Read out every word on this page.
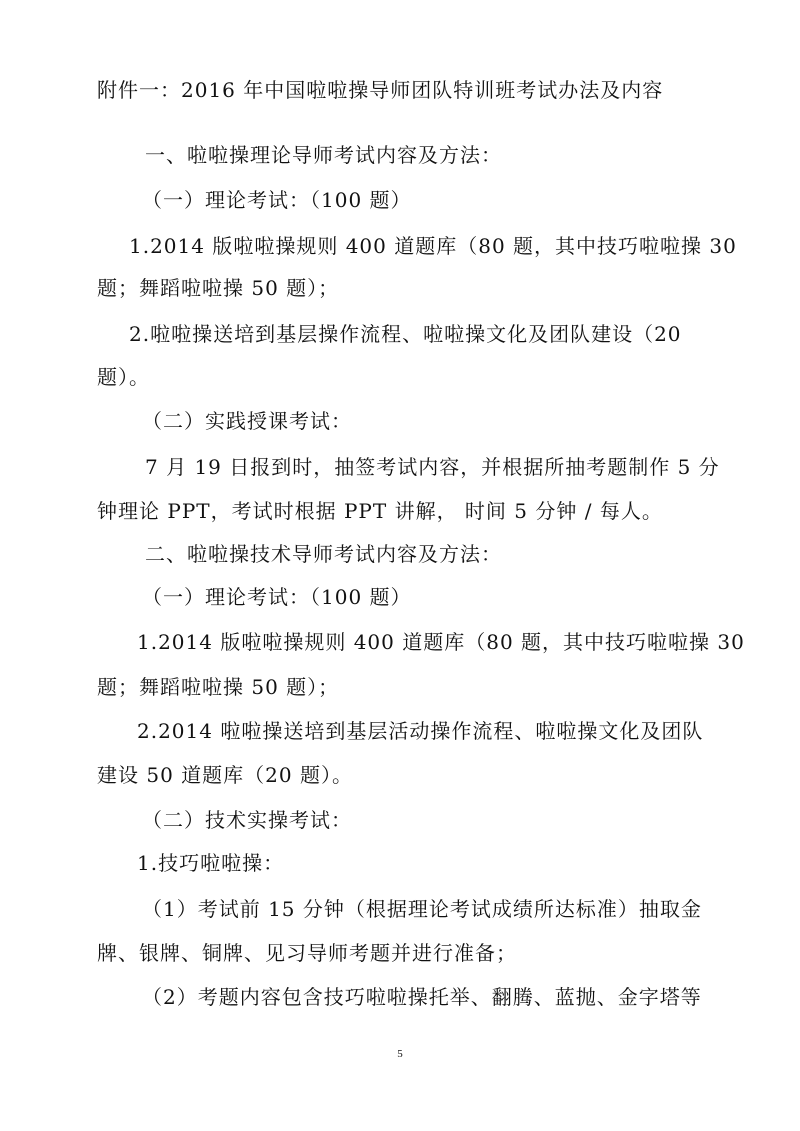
附件一：2016 年中国啦啦操导师团队特训班考试办法及内容
一、啦啦操理论导师考试内容及方法：
（一）理论考试：（100 题）
1.2014 版啦啦操规则 400 道题库（80 题，其中技巧啦啦操 30
题；舞蹈啦啦操 50 题）；
2.啦啦操送培到基层操作流程、啦啦操文化及团队建设（20
题）。
（二）实践授课考试：
7 月 19 日报到时，抽签考试内容，并根据所抽考题制作 5 分
钟理论 PPT，考试时根据 PPT 讲解， 时间 5 分钟 / 每人。
二、啦啦操技术导师考试内容及方法：
（一）理论考试：（100 题）
1.2014 版啦啦操规则 400 道题库（80 题，其中技巧啦啦操 30
题；舞蹈啦啦操 50 题）；
2.2014 啦啦操送培到基层活动操作流程、啦啦操文化及团队
建设 50 道题库（20 题）。
（二）技术实操考试：
1.技巧啦啦操：
（1）考试前 15 分钟（根据理论考试成绩所达标准）抽取金
牌、银牌、铜牌、见习导师考题并进行准备；
（2）考题内容包含技巧啦啦操托举、翻腾、蓝抛、金字塔等
5
